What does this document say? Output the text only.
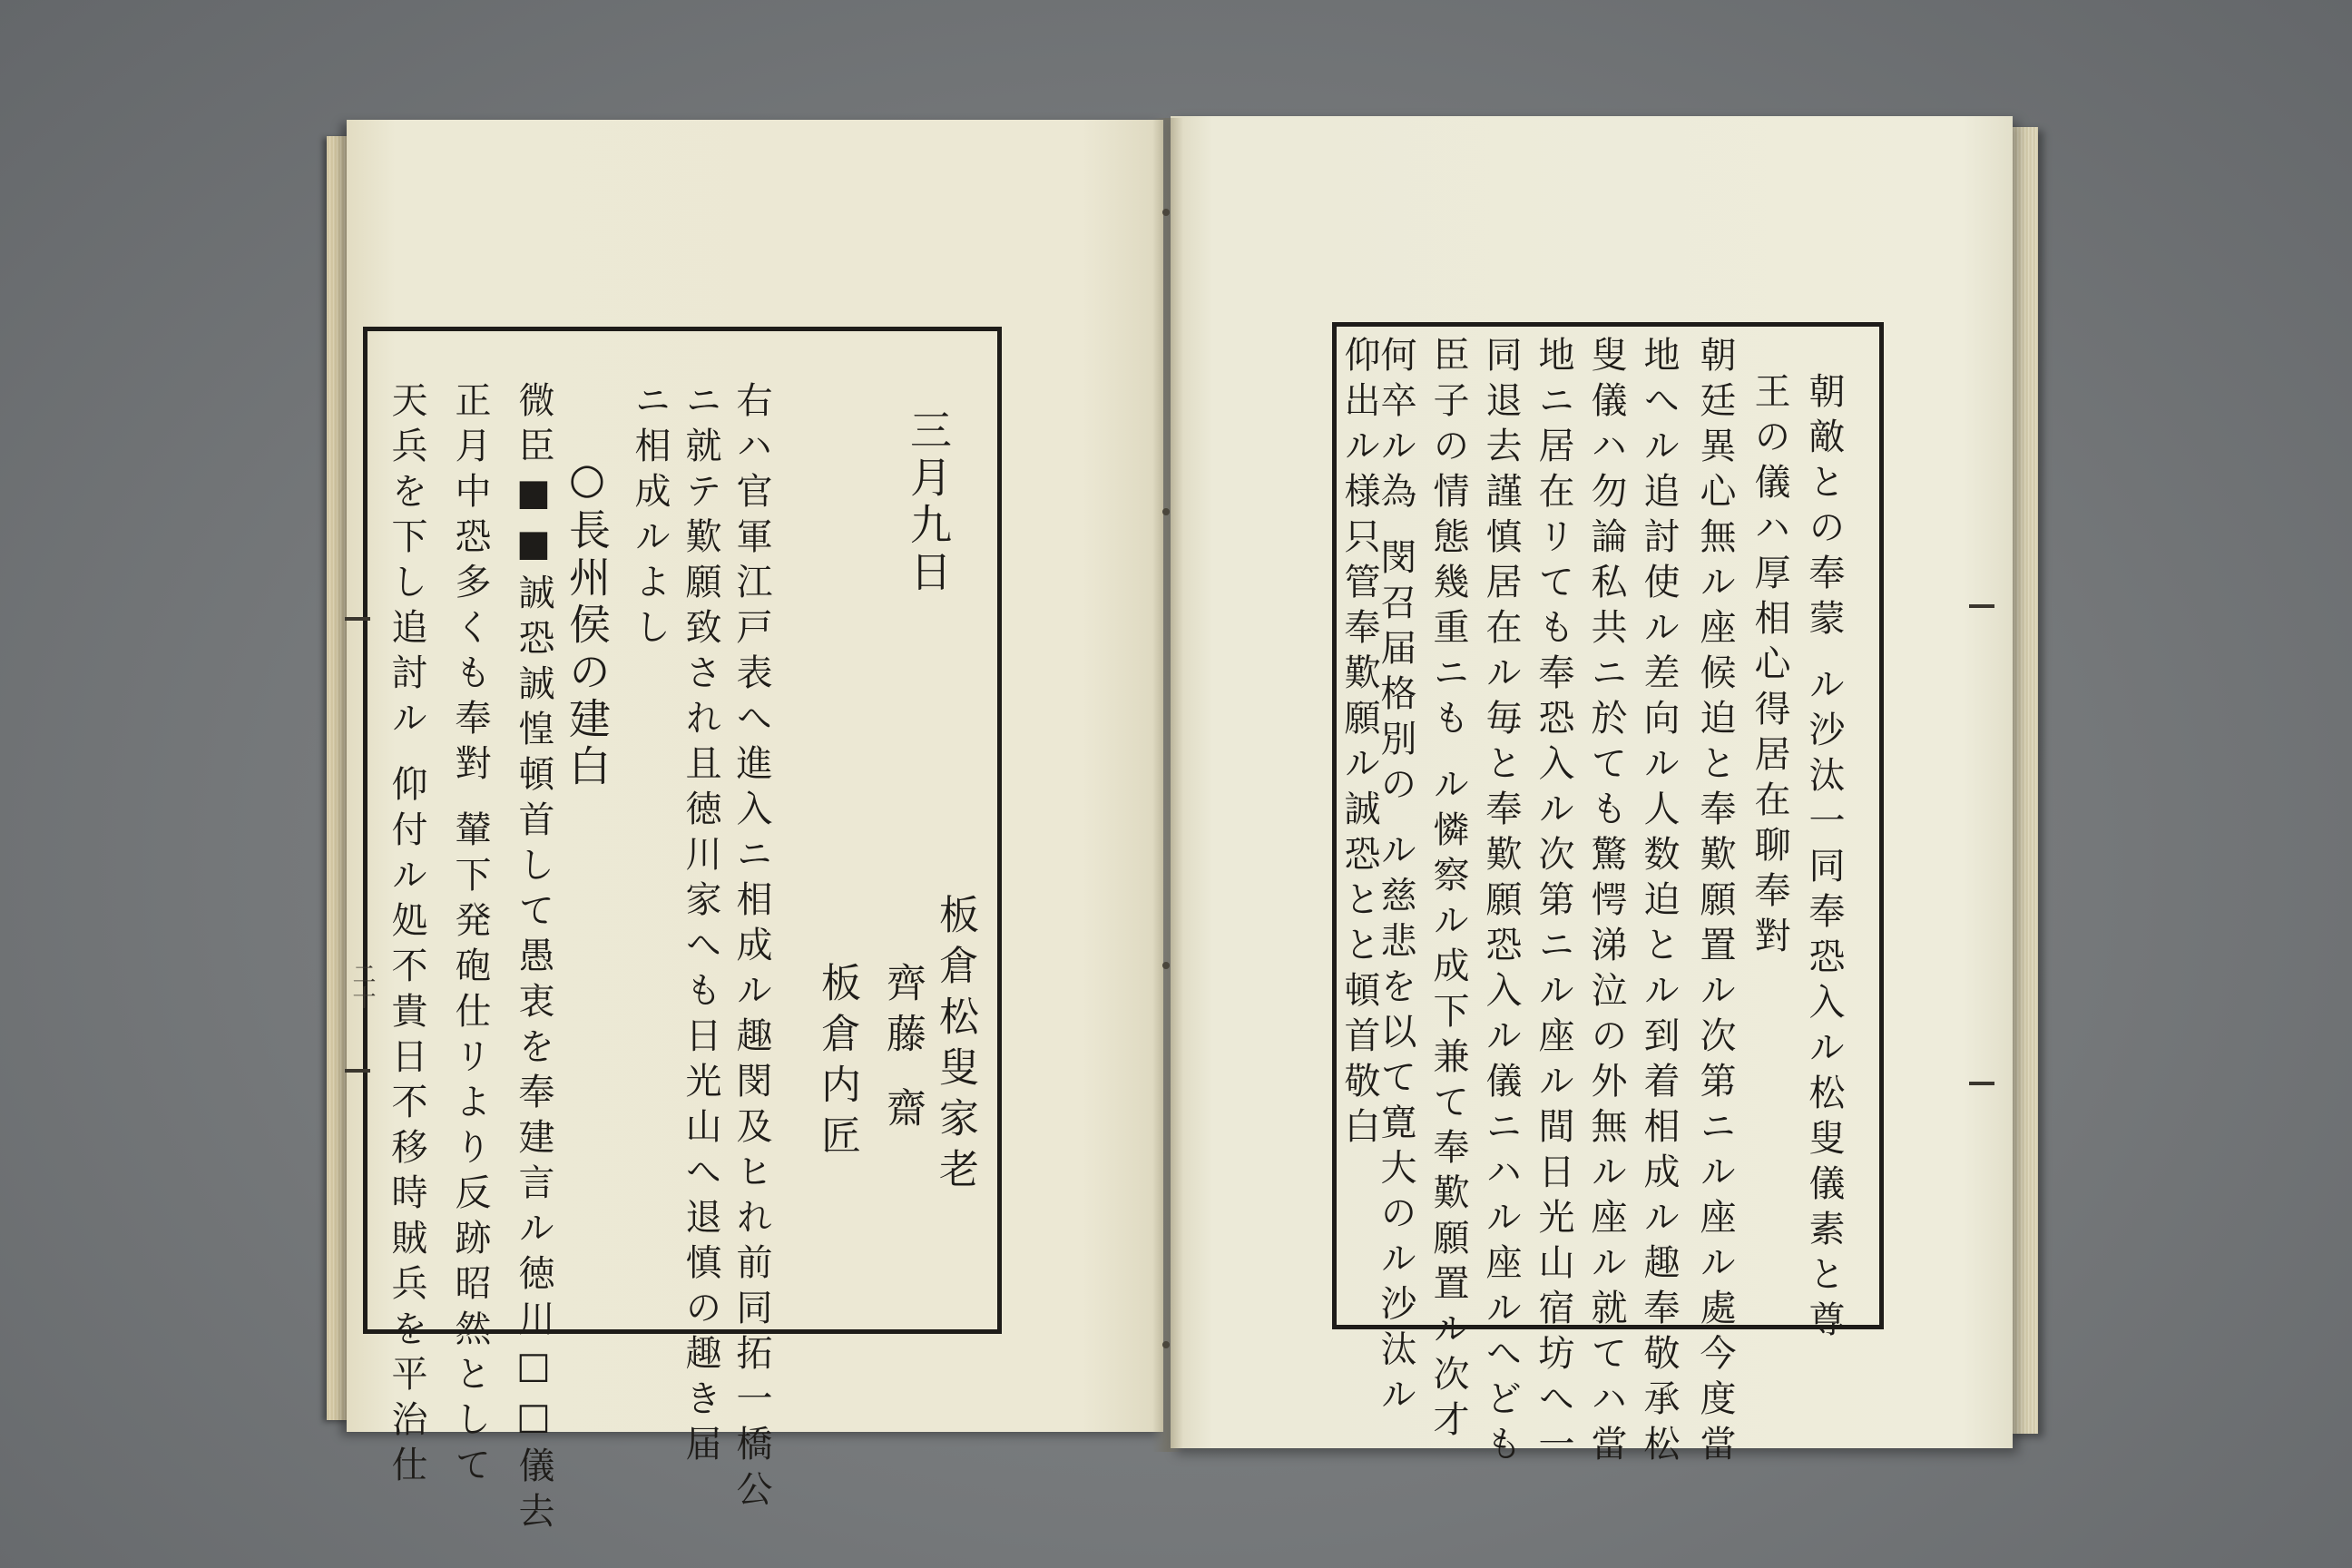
三月九日
板倉松叟家老
齊藤 齋
板倉内匠
右ハ官軍江戸表へ進入ニ相成ル趣閔及ヒれ前同拓一橋公
ニ就テ歎願致され且徳川家へも日光山へ退慎の趣き届
ニ相成ルよし
○長州侯の建白
微臣■■誠恐誠惶頓首して愚衷を奉建言ル徳川□□儀去
正月中恐多くも奉對 輦下発砲仕リより反跡昭然として
天兵を下し追討ル 仰付ル処不貴日不移時賊兵を平治仕
二十	朝敵との奉蒙 ル沙汰一同奉恐入ル松叟儀素と尊
王の儀ハ厚相心得居在聊奉對
朝廷異心無ル座候迫と奉歎願置ル次第ニル座ル處今度當
地へル追討使ル差向ル人数迫とル到着相成ル趣奉敬承松
叟儀ハ勿論私共ニ於ても驚愕涕泣の外無ル座ル就てハ當
地ニ居在リても奉恐入ル次第ニル座ル間日光山宿坊へ一
同退去謹慎居在ル毎と奉歎願恐入ル儀ニハル座ルへども
臣子の情態幾重ニも ル憐察ル成下兼て奉歎願置ル次才
何卒ル為 閔召届格別の ル慈悲を以て寛大のル沙汰ル
仰出ル様只管奉歎願ル誠恐とと頓首敬白
